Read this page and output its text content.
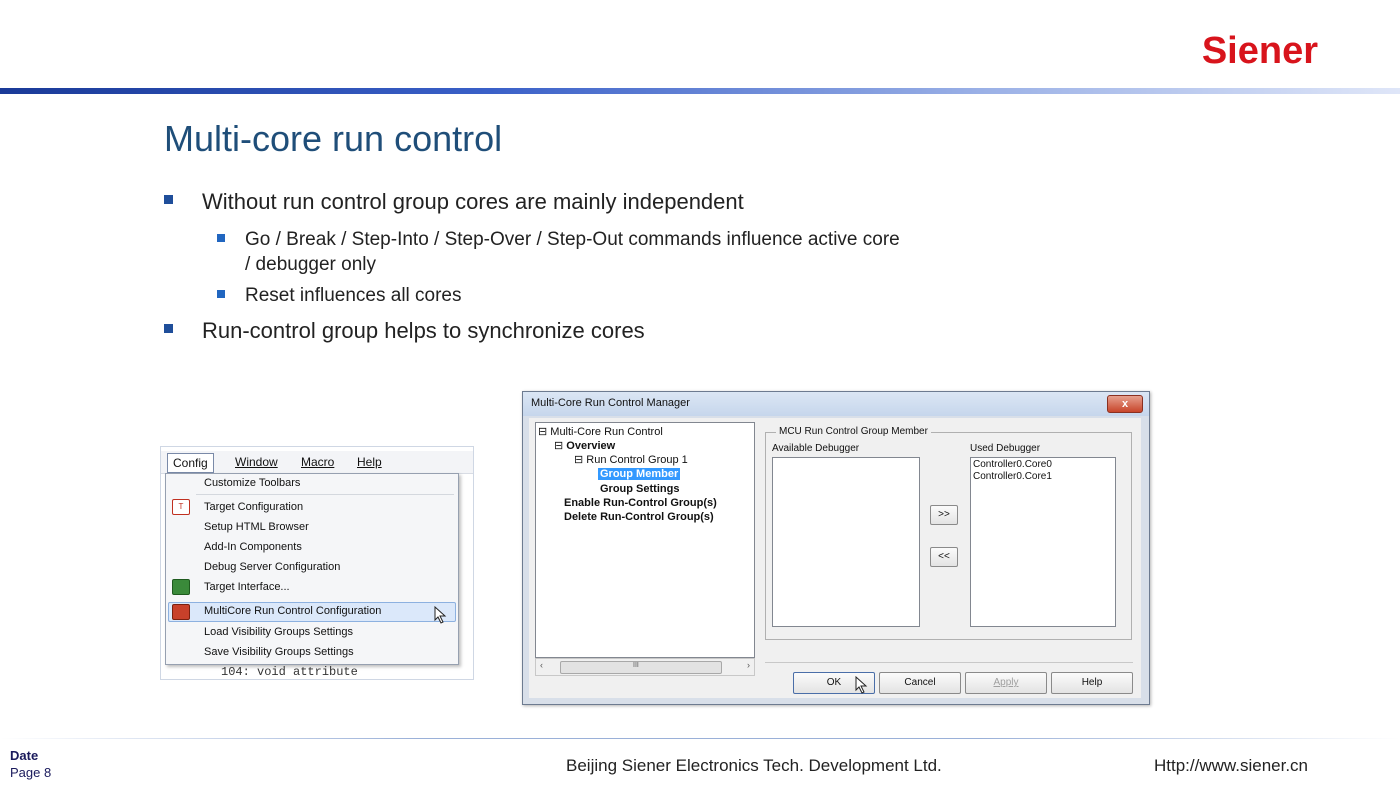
Siener
Multi-core run control
Without run control group cores are mainly independent
Go / Break / Step-Into / Step-Over / Step-Out commands influence active core
/ debugger only
Reset influences all cores
Run-control group helps to synchronize cores
Config	Window Macro Help
Customize Toolbars
T	Target Configuration
Setup HTML Browser
Add-In Components
Debug Server Configuration
Target Interface...
MultiCore Run Control Configuration
Load Visibility Groups Settings
Save Visibility Groups Settings
104: void attribute
Multi-Core Run Control Manager	x
⊟ Multi-Core Run Control
⊟ Overview
⊟ Run Control Group 1
Group Member
Group Settings
Enable Run-Control Group(s)
Delete Run-Control Group(s)
‹	III	›
MCU Run Control Group Member
Available Debugger
>>
<<
Used Debugger
Controller0.Core0
Controller0.Core1
OK	Cancel	Apply	Help
Date
Page 8	Beijing Siener Electronics Tech. Development Ltd.	Http://www.siener.cn
